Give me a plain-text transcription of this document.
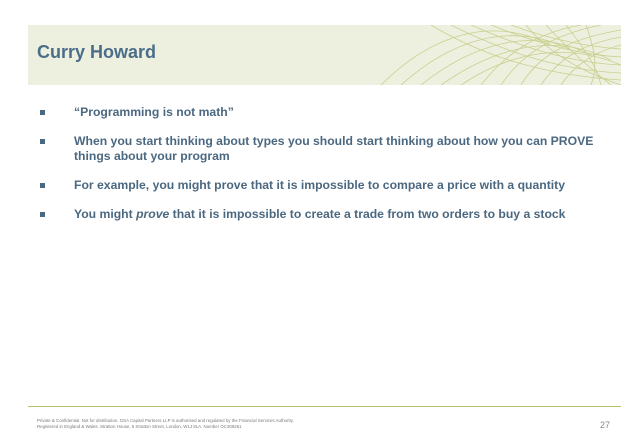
Curry Howard
“Programming is not math”
When you start thinking about types you should start thinking about how you can PROVE things about your program
For example, you might prove that it is impossible to compare a price with a quantity
You might prove that it is impossible to create a trade from two orders to buy a stock
Private & Confidential. Not for distribution. GSA Capital Partners LLP is authorised and regulated by the Financial Services Authority.
Registered in England & Wales. Stratton House, 5 Stratton Street, London, W1J 8LA. Number OC309261	27
